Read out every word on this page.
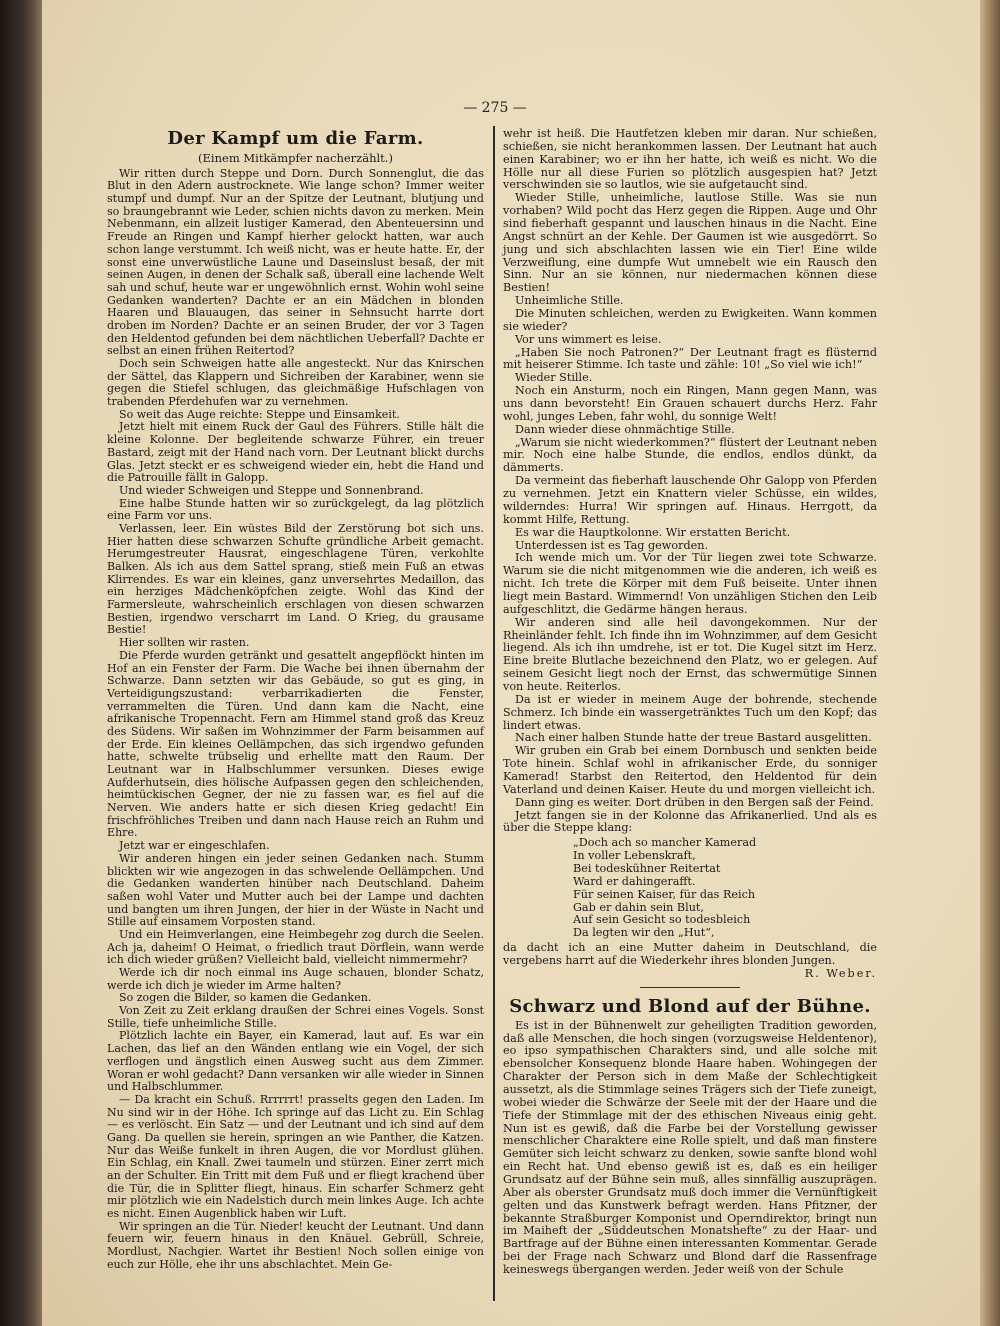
— 275 —
Der Kampf um die Farm.
(Einem Mitkämpfer nacherzählt.)

Wir ritten durch Steppe und Dorn. Durch Sonnenglut, die das Blut in den Adern austrocknete. Wie lange schon? Immer weiter stumpf und dumpf. Nur an der Spitze der Leutnant, blutjung und so braungebrannt wie Leder, schien nichts davon zu merken. Mein Nebenmann, ein allzeit lustiger Kamerad, den Abenteuersinn und Freude an Ringen und Kampf hierher gelockt hatten, war auch schon lange verstummt. Ich weiß nicht, was er heute hatte. Er, der sonst eine unverwüstliche Laune und Daseinslust besaß, der mit seinen Augen, in denen der Schalk saß, überall eine lachende Welt sah und schuf, heute war er ungewöhnlich ernst. Wohin wohl seine Gedanken wanderten? Dachte er an ein Mädchen in blonden Haaren und Blauaugen, das seiner in Sehnsucht harrte dort droben im Norden? Dachte er an seinen Bruder, der vor 3 Tagen den Heldentod gefunden bei dem nächtlichen Ueberfall? Dachte er selbst an einen frühen Reitertod?

Doch sein Schweigen hatte alle angesteckt. Nur das Knirschen der Sättel, das Klappern und Sichreiben der Karabiner, wenn sie gegen die Stiefel schlugen, das gleichmäßige Hufschlagen von trabenden Pferdehufen war zu vernehmen.

So weit das Auge reichte: Steppe und Einsamkeit.

Jetzt hielt mit einem Ruck der Gaul des Führers. Stille hält die kleine Kolonne. Der begleitende schwarze Führer, ein treuer Bastard, zeigt mit der Hand nach vorn. Der Leutnant blickt durchs Glas. Jetzt steckt er es schweigend wieder ein, hebt die Hand und die Patrouille fällt in Galopp.

Und wieder Schweigen und Steppe und Sonnenbrand.

Eine halbe Stunde hatten wir so zurückgelegt, da lag plötzlich eine Farm vor uns.

Verlassen, leer. Ein wüstes Bild der Zerstörung bot sich uns. Hier hatten diese schwarzen Schufte gründliche Arbeit gemacht. Herumgestreuter Hausrat, eingeschlagene Türen, verkohlte Balken. Als ich aus dem Sattel sprang, stieß mein Fuß an etwas Klirrendes. Es war ein kleines, ganz unversehrtes Medaillon, das ein herziges Mädchenköpfchen zeigte. Wohl das Kind der Farmersleute, wahrscheinlich erschlagen von diesen schwarzen Bestien, irgendwo verscharrt im Land. O Krieg, du grausame Bestie!

Hier sollten wir rasten.

Die Pferde wurden getränkt und gesattelt angepflöckt hinten im Hof an ein Fenster der Farm. Die Wache bei ihnen übernahm der Schwarze. Dann setzten wir das Gebäude, so gut es ging, in Verteidigungszustand: verbarrikadierten die Fenster, verrammelten die Türen. Und dann kam die Nacht, eine afrikanische Tropennacht. Fern am Himmel stand groß das Kreuz des Südens. Wir saßen im Wohnzimmer der Farm beisammen auf der Erde. Ein kleines Oellämpchen, das sich irgendwo gefunden hatte, schwelte trübselig und erhellte matt den Raum. Der Leutnant war in Halbschlummer versunken. Dieses ewige Aufderhutsein, dies hölische Aufpassen gegen den schleichenden, heimtückischen Gegner, der nie zu fassen war, es fiel auf die Nerven. Wie anders hatte er sich diesen Krieg gedacht! Ein frischfröhliches Treiben und dann nach Hause reich an Ruhm und Ehre.

Jetzt war er eingeschlafen.

Wir anderen hingen ein jeder seinen Gedanken nach. Stumm blickten wir wie angezogen in das schwelende Oellämpchen. Und die Gedanken wanderten hinüber nach Deutschland. Daheim saßen wohl Vater und Mutter auch bei der Lampe und dachten und bangten um ihren Jungen, der hier in der Wüste in Nacht und Stille auf einsamem Vorposten stand.

Und ein Heimverlangen, eine Heimbegehr zog durch die Seelen. Ach ja, daheim! O Heimat, o friedlich traut Dörflein, wann werde ich dich wieder grüßen? Vielleicht bald, vielleicht nimmermehr?

Werde ich dir noch einmal ins Auge schauen, blonder Schatz, werde ich dich je wieder im Arme halten?

So zogen die Bilder, so kamen die Gedanken.

Von Zeit zu Zeit erklang draußen der Schrei eines Vogels. Sonst Stille, tiefe unheimliche Stille.

Plötzlich lachte ein Bayer, ein Kamerad, laut auf. Es war ein Lachen, das lief an den Wänden entlang wie ein Vogel, der sich verflogen und ängstlich einen Ausweg sucht aus dem Zimmer. Woran er wohl gedacht? Dann versanken wir alle wieder in Sinnen und Halbschlummer.

— Da kracht ein Schuß. Rrrrrrt! prasselts gegen den Laden. Im Nu sind wir in der Höhe. Ich springe auf das Licht zu. Ein Schlag — es verlöscht. Ein Satz — und der Leutnant und ich sind auf dem Gang. Da quellen sie herein, springen an wie Panther, die Katzen. Nur das Weiße funkelt in ihren Augen, die vor Mordlust glühen. Ein Schlag, ein Knall. Zwei taumeln und stürzen. Einer zerrt mich an der Schulter. Ein Tritt mit dem Fuß und er fliegt krachend über die Tür, die in Splitter fliegt, hinaus. Ein scharfer Schmerz geht mir plötzlich wie ein Nadelstich durch mein linkes Auge. Ich achte es nicht. Einen Augenblick haben wir Luft.

Wir springen an die Tür. Nieder! keucht der Leutnant. Und dann feuern wir, feuern hinaus in den Knäuel. Gebrüll, Schreie, Mordlust, Nachgier. Wartet ihr Bestien! Noch sollen einige von euch zur Hölle, ehe ihr uns abschlachtet. Mein Ge-

wehr ist heiß. Die Hautfetzen kleben mir daran. Nur schießen, schießen, sie nicht herankommen lassen. Der Leutnant hat auch einen Karabiner; wo er ihn her hatte, ich weiß es nicht. Wo die Hölle nur all diese Furien so plötzlich ausgespien hat? Jetzt verschwinden sie so lautlos, wie sie aufgetaucht sind.

Wieder Stille, unheimliche, lautlose Stille. Was sie nun vorhaben? Wild pocht das Herz gegen die Rippen. Auge und Ohr sind fieberhaft gespannt und lauschen hinaus in die Nacht. Eine Angst schnürt an der Kehle. Der Gaumen ist wie ausgedörrt. So jung und sich abschlachten lassen wie ein Tier! Eine wilde Verzweiflung, eine dumpfe Wut umnebelt wie ein Rausch den Sinn. Nur an sie können, nur niedermachen können diese Bestien!

Unheimliche Stille.

Die Minuten schleichen, werden zu Ewigkeiten. Wann kommen sie wieder?

Vor uns wimmert es leise.

„Haben Sie noch Patronen?“ Der Leutnant fragt es flüsternd mit heiserer Stimme. Ich taste und zähle: 10! „So viel wie ich!“

Wieder Stille.

Noch ein Ansturm, noch ein Ringen, Mann gegen Mann, was uns dann bevorsteht! Ein Grauen schauert durchs Herz. Fahr wohl, junges Leben, fahr wohl, du sonnige Welt!

Dann wieder diese ohnmächtige Stille.

„Warum sie nicht wiederkommen?“ flüstert der Leutnant neben mir. Noch eine halbe Stunde, die endlos, endlos dünkt, da dämmerts.

Da vermeint das fieberhaft lauschende Ohr Galopp von Pferden zu vernehmen. Jetzt ein Knattern vieler Schüsse, ein wildes, wilderndes: Hurra! Wir springen auf. Hinaus. Herrgott, da kommt Hilfe, Rettung.

Es war die Hauptkolonne. Wir erstatten Bericht.

Unterdessen ist es Tag geworden.

Ich wende mich um. Vor der Tür liegen zwei tote Schwarze. Warum sie die nicht mitgenommen wie die anderen, ich weiß es nicht. Ich trete die Körper mit dem Fuß beiseite. Unter ihnen liegt mein Bastard. Wimmernd! Von unzähligen Stichen den Leib aufgeschlitzt, die Gedärme hängen heraus.

Wir anderen sind alle heil davongekommen. Nur der Rheinländer fehlt. Ich finde ihn im Wohnzimmer, auf dem Gesicht liegend. Als ich ihn umdrehe, ist er tot. Die Kugel sitzt im Herz. Eine breite Blutlache bezeichnend den Platz, wo er gelegen. Auf seinem Gesicht liegt noch der Ernst, das schwermütige Sinnen von heute. Reiterlos.

Da ist er wieder in meinem Auge der bohrende, stechende Schmerz. Ich binde ein wassergetränktes Tuch um den Kopf; das lindert etwas.

Nach einer halben Stunde hatte der treue Bastard ausgelitten.

Wir gruben ein Grab bei einem Dornbusch und senkten beide Tote hinein. Schlaf wohl in afrikanischer Erde, du sonniger Kamerad! Starbst den Reitertod, den Heldentod für dein Vaterland und deinen Kaiser. Heute du und morgen vielleicht ich.

Dann ging es weiter. Dort drüben in den Bergen saß der Feind.

Jetzt fangen sie in der Kolonne das Afrikanerlied. Und als es über die Steppe klang:

„Doch ach so mancher Kamerad
In voller Lebenskraft,
Bei todeskühner Reitertat
Ward er dahingerafft.
Für seinen Kaiser, für das Reich
Gab er dahin sein Blut,
Auf sein Gesicht so todesbleich
Da legten wir den „Hut“,

da dacht ich an eine Mutter daheim in Deutschland, die vergebens harrt auf die Wiederkehr ihres blonden Jungen.

R. Weber.
Schwarz und Blond auf der Bühne.

Es ist in der Bühnenwelt zur geheiligten Tradition geworden, daß alle Menschen, die hoch singen (vorzugsweise Heldentenor), eo ipso sympathischen Charakters sind, und alle solche mit ebensolcher Konsequenz blonde Haare haben. Wohingegen der Charakter der Person sich in dem Maße der Schlechtigkeit aussetzt, als die Stimmlage seines Trägers sich der Tiefe zuneigt, wobei wieder die Schwärze der Seele mit der der Haare und die Tiefe der Stimmlage mit der des ethischen Niveaus einig geht. Nun ist es gewiß, daß die Farbe bei der Vorstellung gewisser menschlicher Charaktere eine Rolle spielt, und daß man finstere Gemüter sich leicht schwarz zu denken, sowie sanfte blond wohl ein Recht hat. Und ebenso gewiß ist es, daß es ein heiliger Grundsatz auf der Bühne sein muß, alles sinnfällig auszuprägen. Aber als oberster Grundsatz muß doch immer die Vernünftigkeit gelten und das Kunstwerk befragt werden. Hans Pfitzner, der bekannte Straßburger Komponist und Operndirektor, bringt nun im Maiheft der „Süddeutschen Monatshefte“ zu der Haar- und Bartfrage auf der Bühne einen interessanten Kommentar. Gerade bei der Frage nach Schwarz und Blond darf die Rassenfrage keineswegs übergangen werden. Jeder weiß von der Schule
